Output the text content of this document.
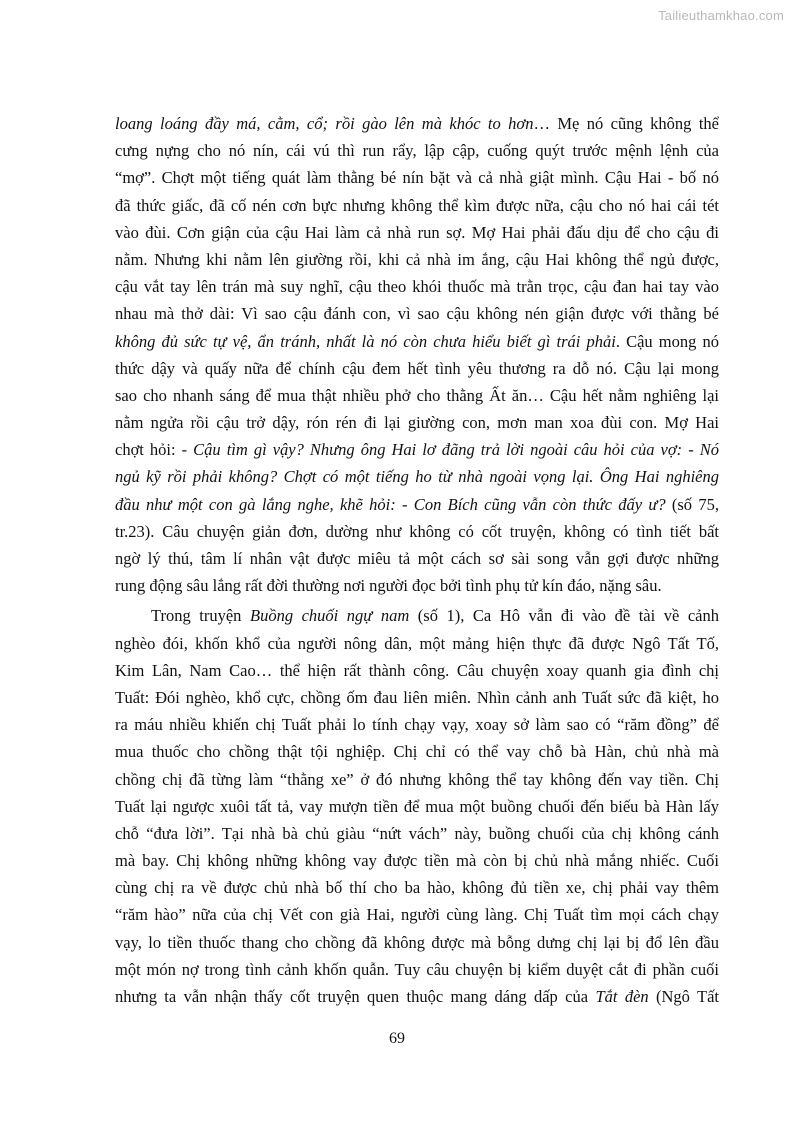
Tailieuthamkhao.com
loang loáng đầy má, cằm, cổ; rồi gào lên mà khóc to hơn… Mẹ nó cũng không thể
cưng nựng cho nó nín, cái vú thì run rẩy, lập cập, cuống quýt trước mệnh lệnh của
“mợ”. Chợt một tiếng quát làm thằng bé nín bặt và cả nhà giật mình. Cậu Hai - bố nó
đã thức giấc, đã cố nén cơn bực nhưng không thể kìm được nữa, cậu cho nó hai cái tét
vào đùi. Cơn giận của cậu Hai làm cả nhà run sợ. Mợ Hai phải đấu dịu để cho cậu đi
nằm. Nhưng khi nằm lên giường rồi, khi cả nhà im ắng, cậu Hai không thể ngủ được,
cậu vắt tay lên trán mà suy nghĩ, cậu theo khói thuốc mà trằn trọc, cậu đan hai tay vào
nhau mà thở dài: Vì sao cậu đánh con, vì sao cậu không nén giận được với thằng bé
không đủ sức tự vệ, ẩn tránh, nhất là nó còn chưa hiểu biết gì trái phải. Cậu mong nó
thức dậy và quấy nữa để chính cậu đem hết tình yêu thương ra dỗ nó. Cậu lại mong
sao cho nhanh sáng để mua thật nhiều phở cho thằng Ất ăn… Cậu hết nằm nghiêng lại
nằm ngửa rồi cậu trở dậy, rón rén đi lại giường con, mơn man xoa đùi con. Mợ Hai
chợt hỏi: - Cậu tìm gì vậy? Nhưng ông Hai lơ đãng trả lời ngoài câu hỏi của vợ: - Nó
ngủ kỹ rồi phải không? Chợt có một tiếng ho từ nhà ngoài vọng lại. Ông Hai nghiêng
đầu như một con gà lắng nghe, khẽ hỏi: - Con Bích cũng vẫn còn thức đấy ư? (số 75,
tr.23). Câu chuyện giản đơn, dường như không có cốt truyện, không có tình tiết bất
ngờ lý thú, tâm lí nhân vật được miêu tả một cách sơ sài song vẫn gợi được những
rung động sâu lắng rất đời thường nơi người đọc bởi tình phụ tử kín đáo, nặng sâu.
Trong truyện Buồng chuối ngự nam (số 1), Ca Hô vẫn đi vào đề tài về cảnh
nghèo đói, khốn khổ của người nông dân, một mảng hiện thực đã được Ngô Tất Tố,
Kim Lân, Nam Cao… thể hiện rất thành công. Câu chuyện xoay quanh gia đình chị
Tuất: Đói nghèo, khổ cực, chồng ốm đau liên miên. Nhìn cảnh anh Tuất sức đã kiệt, ho
ra máu nhiều khiến chị Tuất phải lo tính chạy vạy, xoay sở làm sao có “răm đồng” để
mua thuốc cho chồng thật tội nghiệp. Chị chỉ có thể vay chỗ bà Hàn, chủ nhà mà
chồng chị đã từng làm “thằng xe” ở đó nhưng không thể tay không đến vay tiền. Chị
Tuất lại ngược xuôi tất tả, vay mượn tiền để mua một buồng chuối đến biếu bà Hàn lấy
chỗ “đưa lời”. Tại nhà bà chủ giàu “nứt vách” này, buồng chuối của chị không cánh
mà bay. Chị không những không vay được tiền mà còn bị chủ nhà mắng nhiếc. Cuối
cùng chị ra về được chủ nhà bố thí cho ba hào, không đủ tiền xe, chị phải vay thêm
“răm hào” nữa của chị Vết con già Hai, người cùng làng. Chị Tuất tìm mọi cách chạy
vạy, lo tiền thuốc thang cho chồng đã không được mà bỗng dưng chị lại bị đổ lên đầu
một món nợ trong tình cảnh khốn quẫn. Tuy câu chuyện bị kiểm duyệt cắt đi phần cuối
nhưng ta vẫn nhận thấy cốt truyện quen thuộc mang dáng dấp của Tắt đèn (Ngô Tất
69
